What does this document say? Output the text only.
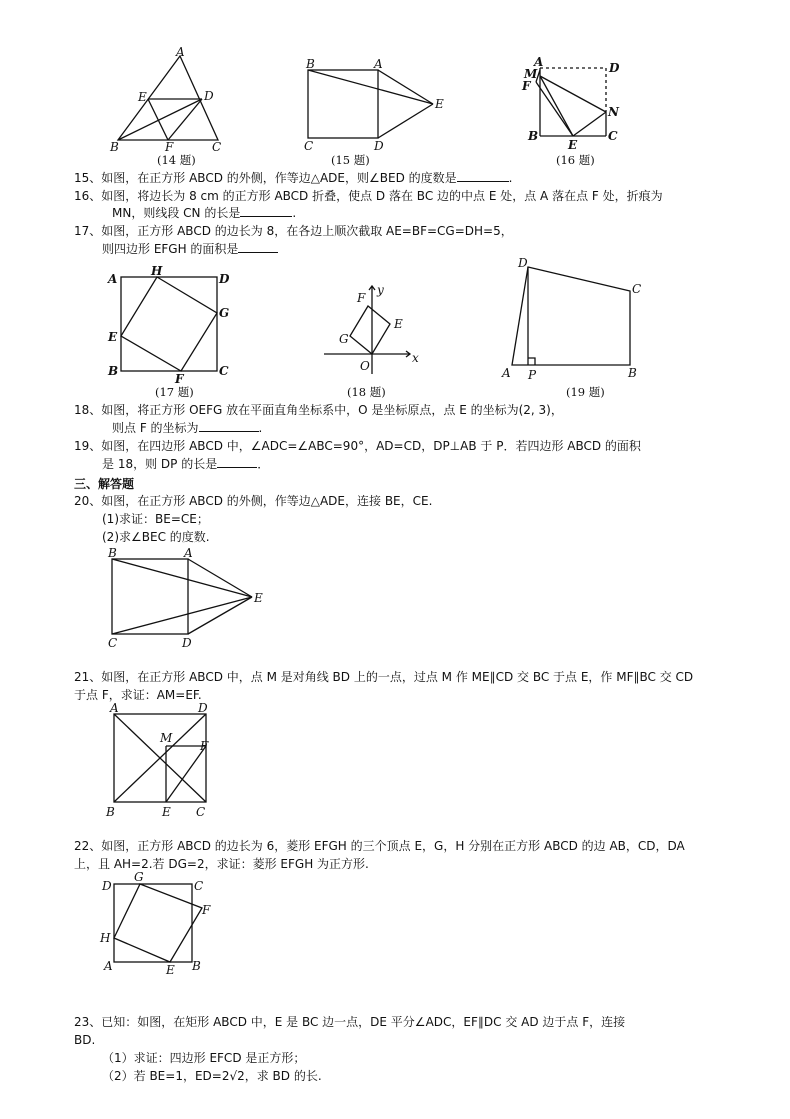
A
B	C
D
E
F
(14 题)
B	A
C	D
E
(15 题)
A
M
F
D
N
B	C
E
(16 题)
15、如图，在正方形 ABCD 的外侧，作等边△ADE，则∠BED 的度数是	.
16、如图，将边长为 8 cm 的正方形 ABCD 折叠，使点 D 落在 BC 边的中点 E 处，点 A 落在点 F 处，折痕为
MN，则线段 CN 的长是	.
17、如图，正方形 ABCD 的边长为 8，在各边上顺次截取 AE=BF=CG=DH=5，
则四边形 EFGH 的面积是
A
H
D
G
E
B	C
F
(17 题)
x
y
O
E
F
G
(18 题)
D
C
A P	B
(19 题)
18、如图，将正方形 OEFG 放在平面直角坐标系中，O 是坐标原点，点 E 的坐标为(2, 3)，
则点 F 的坐标为	.
19、如图，在四边形 ABCD 中，∠ADC=∠ABC=90°，AD=CD，DP⊥AB 于 P．若四边形 ABCD 的面积
是 18，则 DP 的长是	．
三、解答题
20、如图，在正方形 ABCD 的外侧，作等边△ADE，连接 BE，CE.
(1)求证：BE=CE；
(2)求∠BEC 的度数.
B	A
C	D
E
21、如图，在正方形 ABCD 中，点 M 是对角线 BD 上的一点，过点 M 作 ME∥CD 交 BC 于点 E，作 MF∥BC 交 CD
于点 F，求证：AM=EF.
A	D
M
F
B	E C
22、如图，正方形 ABCD 的边长为 6，菱形 EFGH 的三个顶点 E，G，H 分别在正方形 ABCD 的边 AB，CD，DA
上，且 AH=2.若 DG=2，求证：菱形 EFGH 为正方形.
D
G
C
F
H
A	E B
23、已知：如图，在矩形 ABCD 中，E 是 BC 边一点，DE 平分∠ADC，EF∥DC 交 AD 边于点 F，连接
BD.
（1）求证：四边形 EFCD 是正方形；
（2）若 BE=1，ED=2√2，求 BD 的长.
